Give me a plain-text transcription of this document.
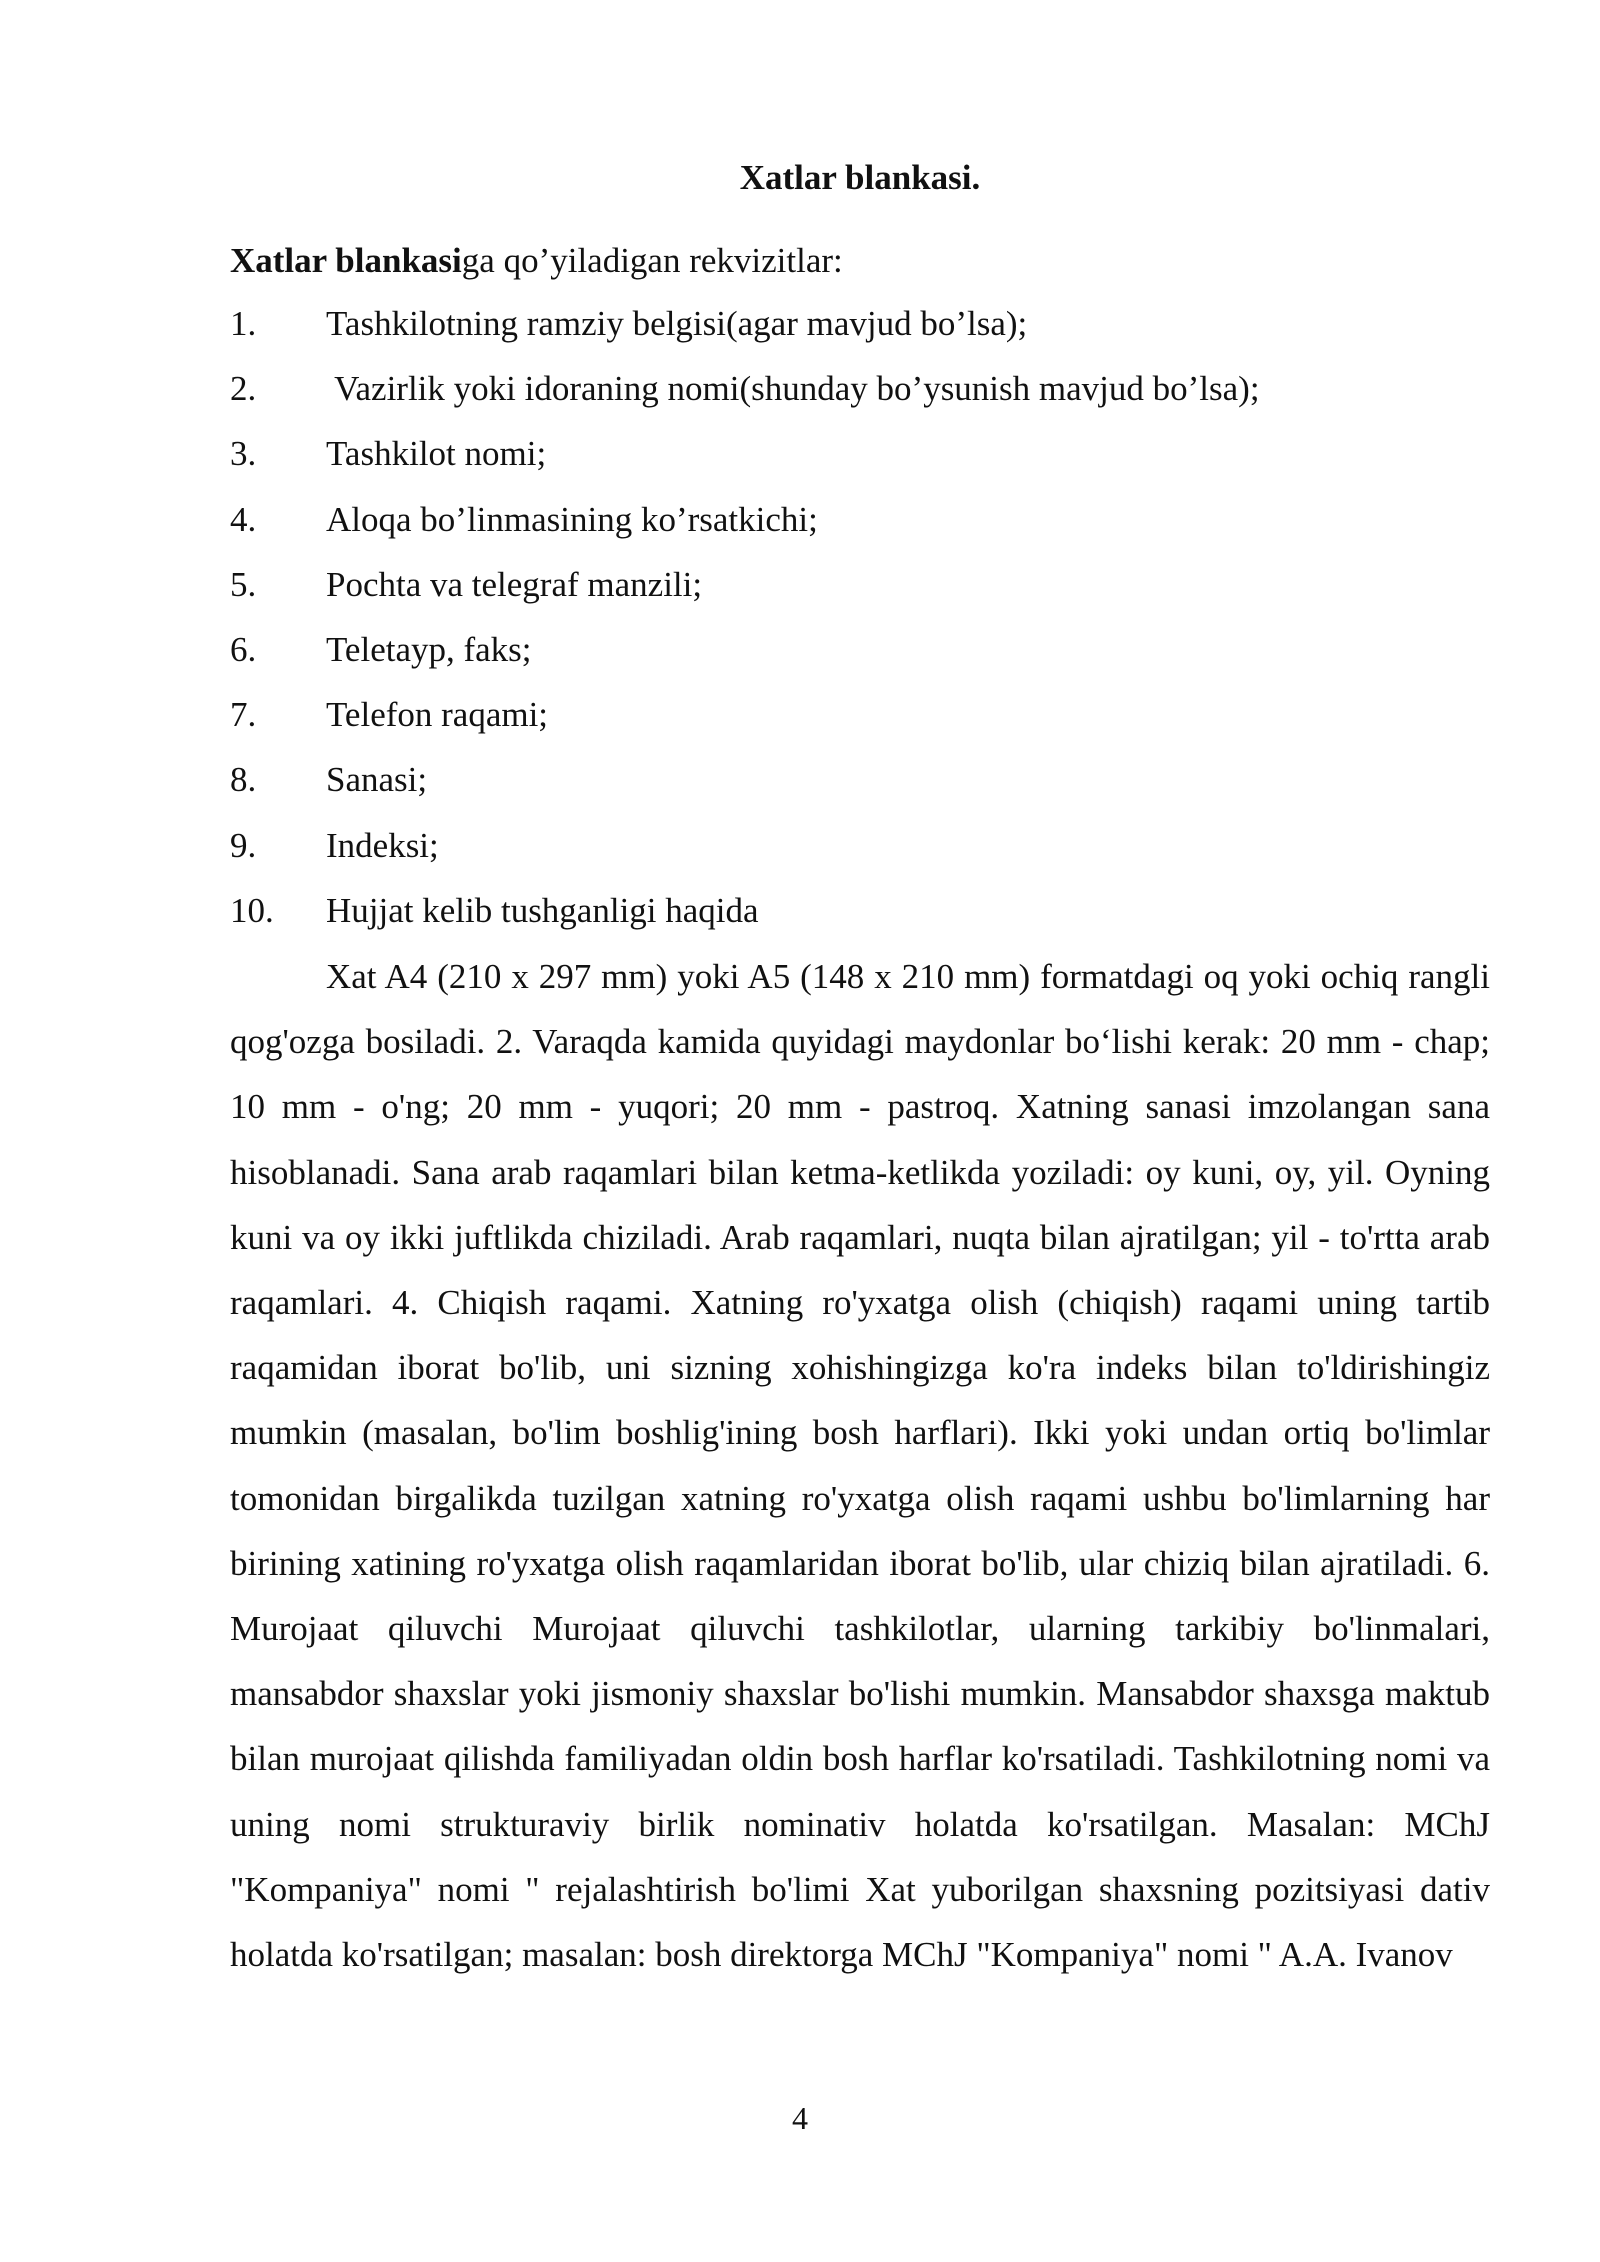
Xatlar blankasi.
Xatlar blankasiga qo’yiladigan rekvizitlar:
1. Tashkilotning ramziy belgisi(agar mavjud bo’lsa);
2. Vazirlik yoki idoraning nomi(shunday bo’ysunish mavjud bo’lsa);
3. Tashkilot nomi;
4. Aloqa bo’linmasining ko’rsatkichi;
5. Pochta va telegraf manzili;
6. Teletayp, faks;
7. Telefon raqami;
8. Sanasi;
9. Indeksi;
10. Hujjat kelib tushganligi haqida

Xat A4 (210 x 297 mm) yoki A5 (148 x 210 mm) formatdagi oq yoki ochiq rangli qog'ozga bosiladi. 2. Varaqda kamida quyidagi maydonlar bo‘lishi kerak: 20 mm - chap; 10 mm - o'ng; 20 mm - yuqori; 20 mm - pastroq. Xatning sanasi imzolangan sana hisoblanadi. Sana arab raqamlari bilan ketma-ketlikda yoziladi: oy kuni, oy, yil. Oyning kuni va oy ikki juftlikda chiziladi. Arab raqamlari, nuqta bilan ajratilgan; yil - to'rtta arab raqamlari. 4. Chiqish raqami. Xatning ro'yxatga olish (chiqish) raqami uning tartib raqamidan iborat bo'lib, uni sizning xohishingizga ko'ra indeks bilan to'ldirishingiz mumkin (masalan, bo'lim boshlig'ining bosh harflari). Ikki yoki undan ortiq bo'limlar tomonidan birgalikda tuzilgan xatning ro'yxatga olish raqami ushbu bo'limlarning har birining xatining ro'yxatga olish raqamlaridan iborat bo'lib, ular chiziq bilan ajratiladi. 6. Murojaat qiluvchi Murojaat qiluvchi tashkilotlar, ularning tarkibiy bo'linmalari, mansabdor shaxslar yoki jismoniy shaxslar bo'lishi mumkin. Mansabdor shaxsga maktub bilan murojaat qilishda familiyadan oldin bosh harflar ko'rsatiladi. Tashkilotning nomi va uning nomi strukturaviy birlik nominativ holatda ko'rsatilgan. Masalan: MChJ "Kompaniya" nomi " rejalashtirish bo'limi Xat yuborilgan shaxsning pozitsiyasi dativ holatda ko'rsatilgan; masalan: bosh direktorga MChJ "Kompaniya" nomi " A.A. Ivanov

4
